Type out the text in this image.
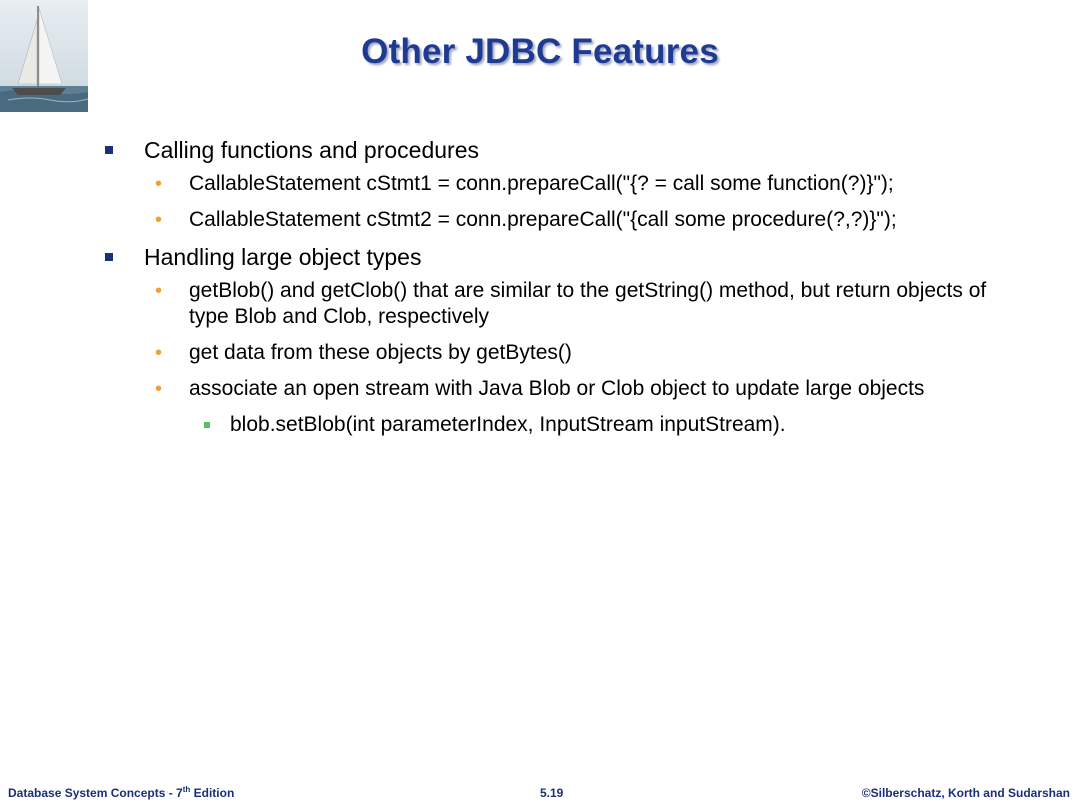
Other JDBC Features
Calling functions and procedures
• CallableStatement cStmt1 = conn.prepareCall("{? = call some function(?)}");
• CallableStatement cStmt2 = conn.prepareCall("{call some procedure(?,?)}");
Handling large object types
• getBlob() and getClob() that are similar to the getString() method, but return objects of type Blob and Clob, respectively
• get data from these objects by getBytes()
• associate an open stream with Java Blob or Clob object to update large objects
blob.setBlob(int parameterIndex, InputStream inputStream).
Database System Concepts - 7th Edition	5.19	©Silberschatz, Korth and Sudarshan
